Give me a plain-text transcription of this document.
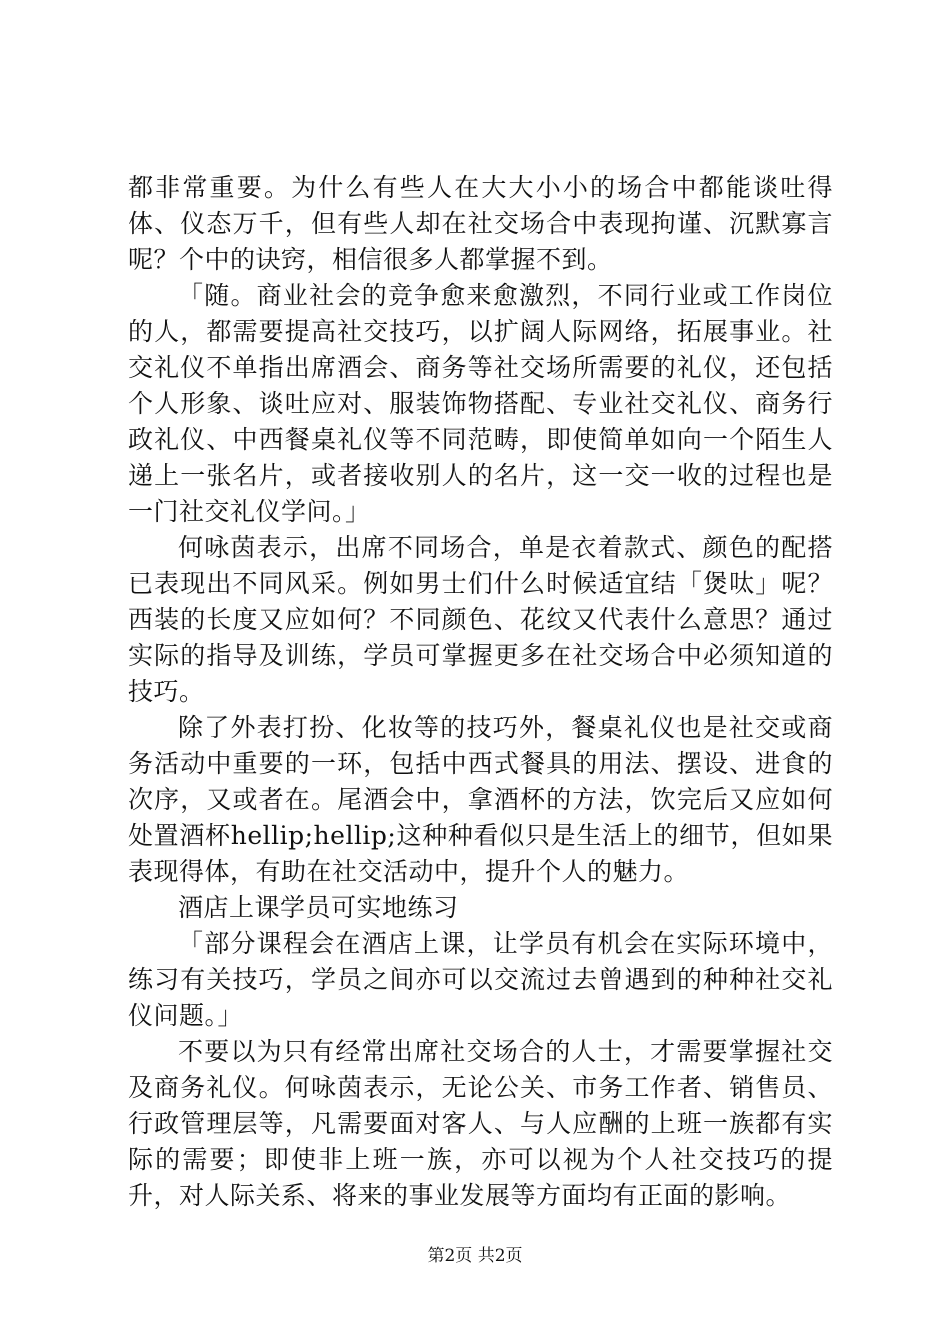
都非常重要。为什么有些人在大大小小的场合中都能谈吐得体、仪态万千，但有些人却在社交场合中表现拘谨、沉默寡言呢？个中的诀窍，相信很多人都掌握不到。

「随。商业社会的竞争愈来愈激烈，不同行业或工作岗位的人，都需要提高社交技巧，以扩阔人际网络，拓展事业。社交礼仪不单指出席酒会、商务等社交场所需要的礼仪，还包括个人形象、谈吐应对、服装饰物搭配、专业社交礼仪、商务行政礼仪、中西餐桌礼仪等不同范畴，即使简单如向一个陌生人递上一张名片，或者接收别人的名片，这一交一收的过程也是一门社交礼仪学问。」

何咏茵表示，出席不同场合，单是衣着款式、颜色的配搭已表现出不同风采。例如男士们什么时候适宜结「煲呔」呢？西装的长度又应如何？不同颜色、花纹又代表什么意思？通过实际的指导及训练，学员可掌握更多在社交场合中必须知道的技巧。

除了外表打扮、化妆等的技巧外，餐桌礼仪也是社交或商务活动中重要的一环，包括中西式餐具的用法、摆设、进食的次序，又或者在。尾酒会中，拿酒杯的方法，饮完后又应如何处置酒杯hellip;hellip;这种种看似只是生活上的细节，但如果表现得体，有助在社交活动中，提升个人的魅力。

酒店上课学员可实地练习

「部分课程会在酒店上课，让学员有机会在实际环境中，练习有关技巧，学员之间亦可以交流过去曾遇到的种种社交礼仪问题。」

不要以为只有经常出席社交场合的人士，才需要掌握社交及商务礼仪。何咏茵表示，无论公关、市务工作者、销售员、行政管理层等，凡需要面对客人、与人应酬的上班一族都有实际的需要；即使非上班一族，亦可以视为个人社交技巧的提升，对人际关系、将来的事业发展等方面均有正面的影响。

第2页 共2页
